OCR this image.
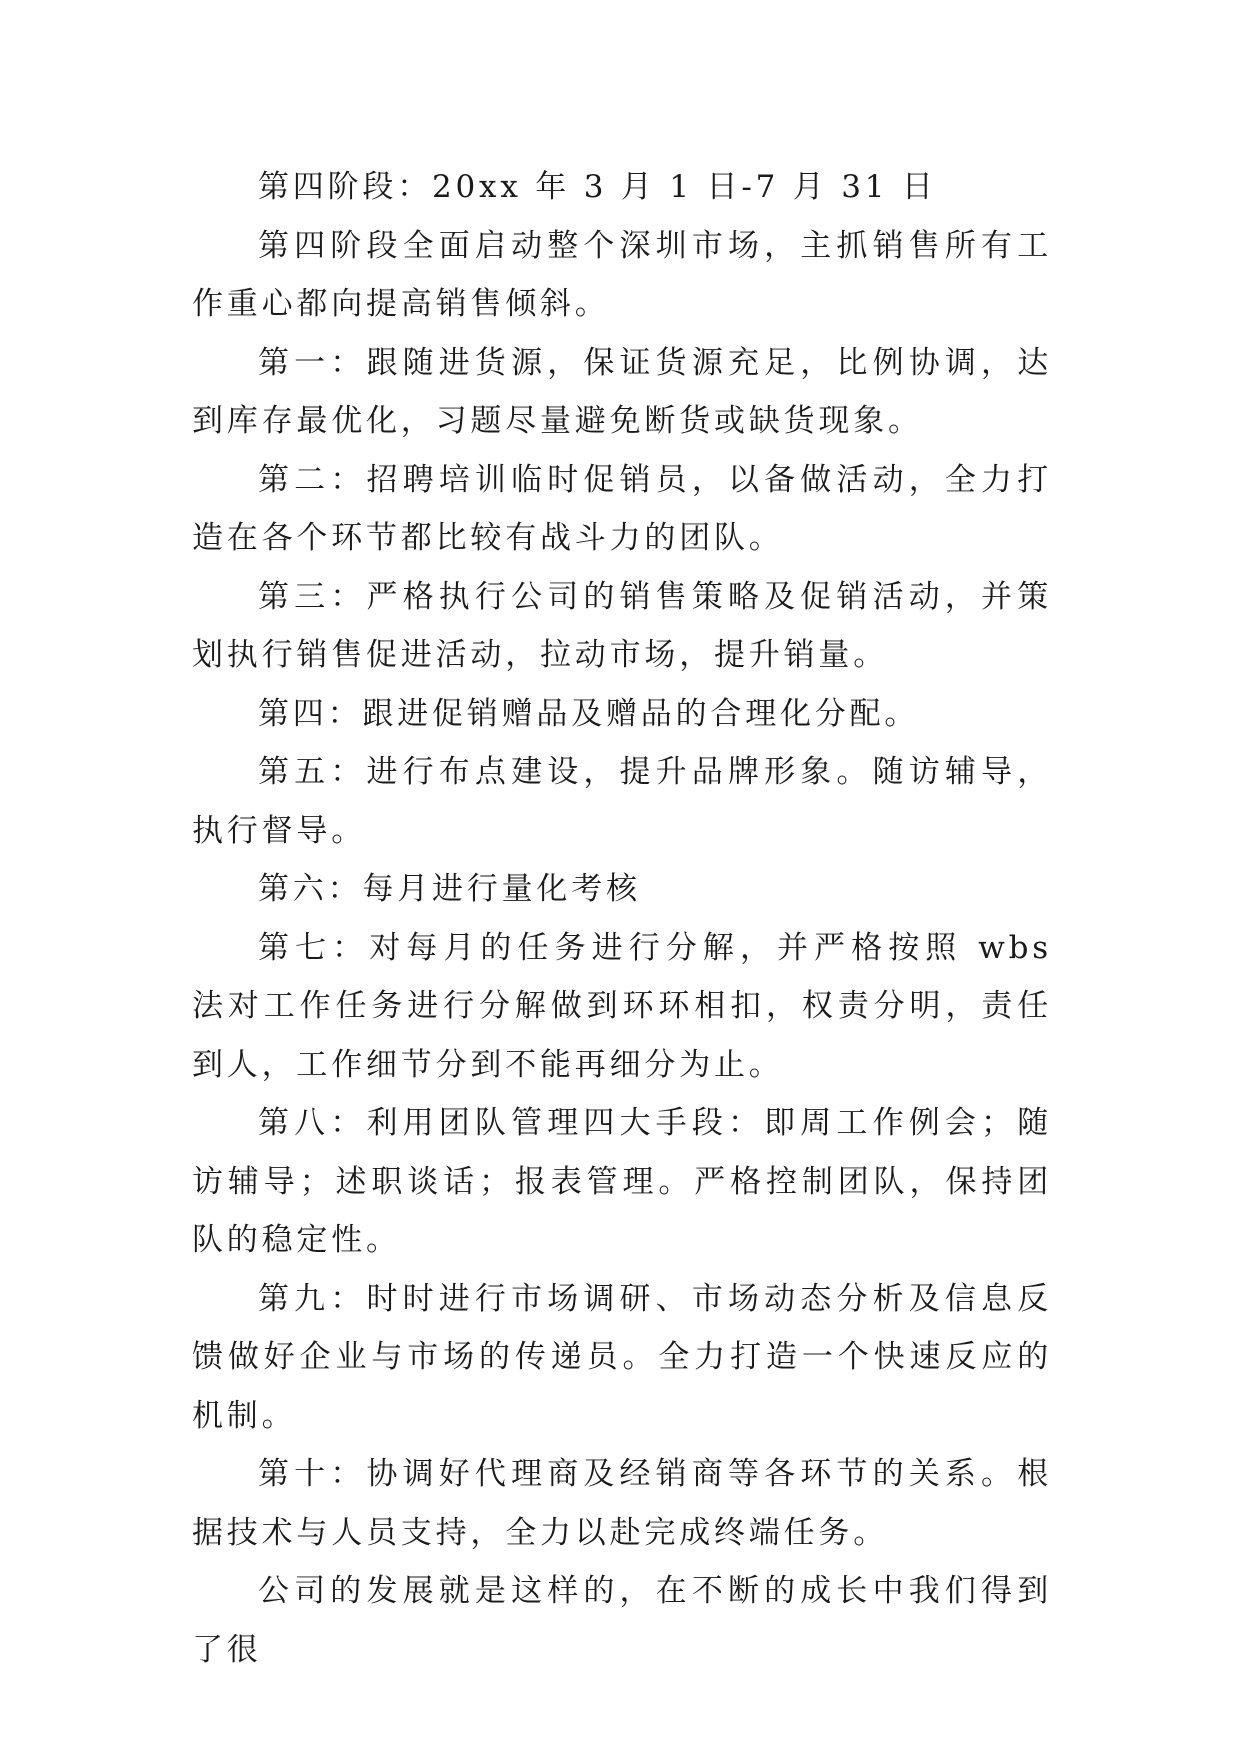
第四阶段：20xx 年 3 月 1 日-7 月 31 日

第四阶段全面启动整个深圳市场，主抓销售所有工作重心都向提高销售倾斜。

第一：跟随进货源，保证货源充足，比例协调，达到库存最优化，习题尽量避免断货或缺货现象。

第二：招聘培训临时促销员，以备做活动，全力打造在各个环节都比较有战斗力的团队。

第三：严格执行公司的销售策略及促销活动，并策划执行销售促进活动，拉动市场，提升销量。

第四：跟进促销赠品及赠品的合理化分配。

第五：进行布点建设，提升品牌形象。随访辅导，执行督导。

第六：每月进行量化考核

第七：对每月的任务进行分解，并严格按照 wbs 法对工作任务进行分解做到环环相扣，权责分明，责任到人，工作细节分到不能再细分为止。

第八：利用团队管理四大手段：即周工作例会；随访辅导；述职谈话；报表管理。严格控制团队，保持团队的稳定性。

第九：时时进行市场调研、市场动态分析及信息反馈做好企业与市场的传递员。全力打造一个快速反应的机制。

第十：协调好代理商及经销商等各环节的关系。根据技术与人员支持，全力以赴完成终端任务。

公司的发展就是这样的，在不断的成长中我们得到了很
